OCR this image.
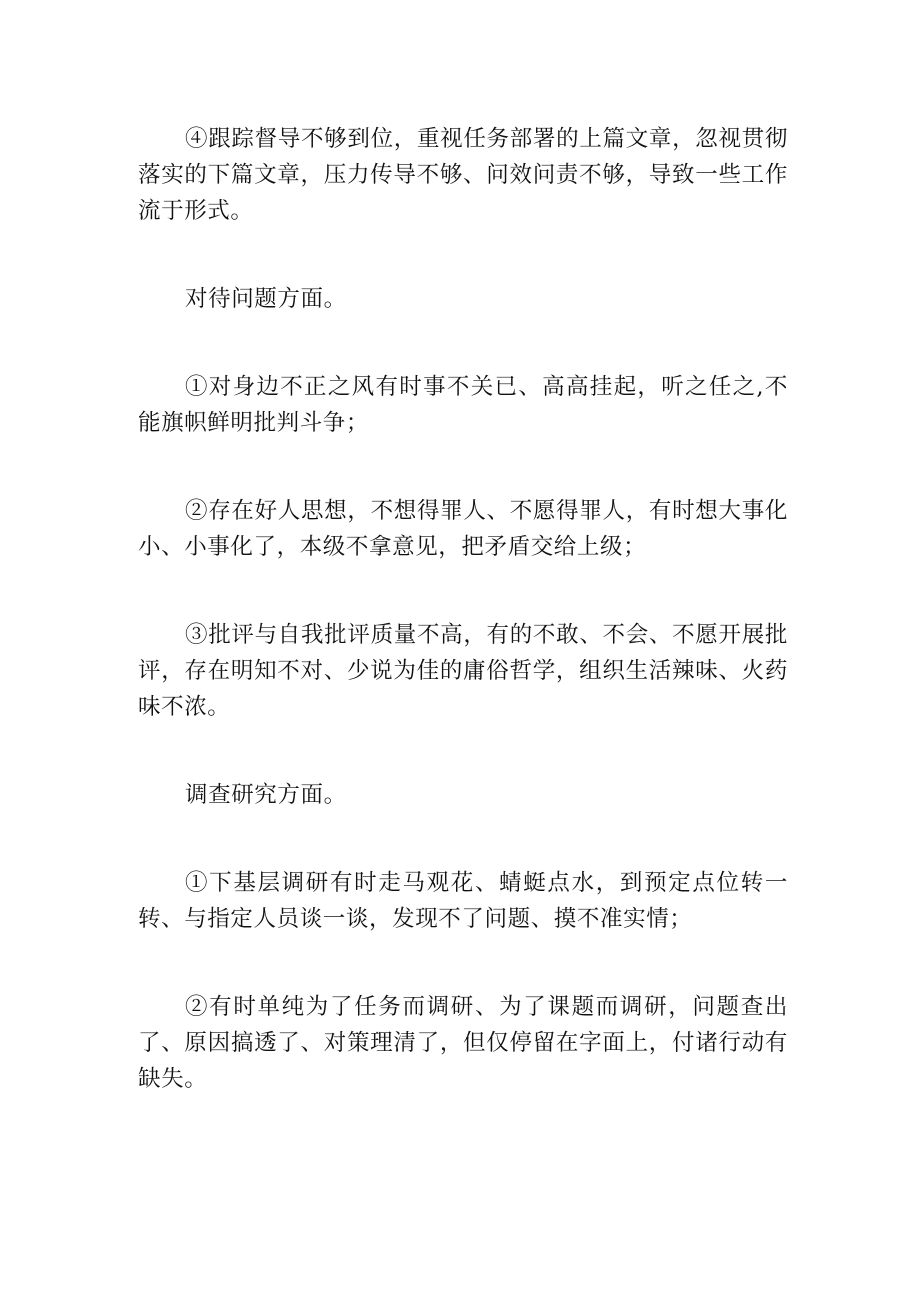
④跟踪督导不够到位，重视任务部署的上篇文章，忽视贯彻落实的下篇文章，压力传导不够、问效问责不够，导致一些工作流于形式。

对待问题方面。

①对身边不正之风有时事不关已、高高挂起，听之任之,不能旗帜鲜明批判斗争；

②存在好人思想，不想得罪人、不愿得罪人，有时想大事化小、小事化了，本级不拿意见，把矛盾交给上级；

③批评与自我批评质量不高，有的不敢、不会、不愿开展批评，存在明知不对、少说为佳的庸俗哲学，组织生活辣味、火药味不浓。

调查研究方面。

①下基层调研有时走马观花、蜻蜓点水，到预定点位转一转、与指定人员谈一谈，发现不了问题、摸不准实情；

②有时单纯为了任务而调研、为了课题而调研，问题查出了、原因搞透了、对策理清了，但仅停留在字面上，付诸行动有缺失。
